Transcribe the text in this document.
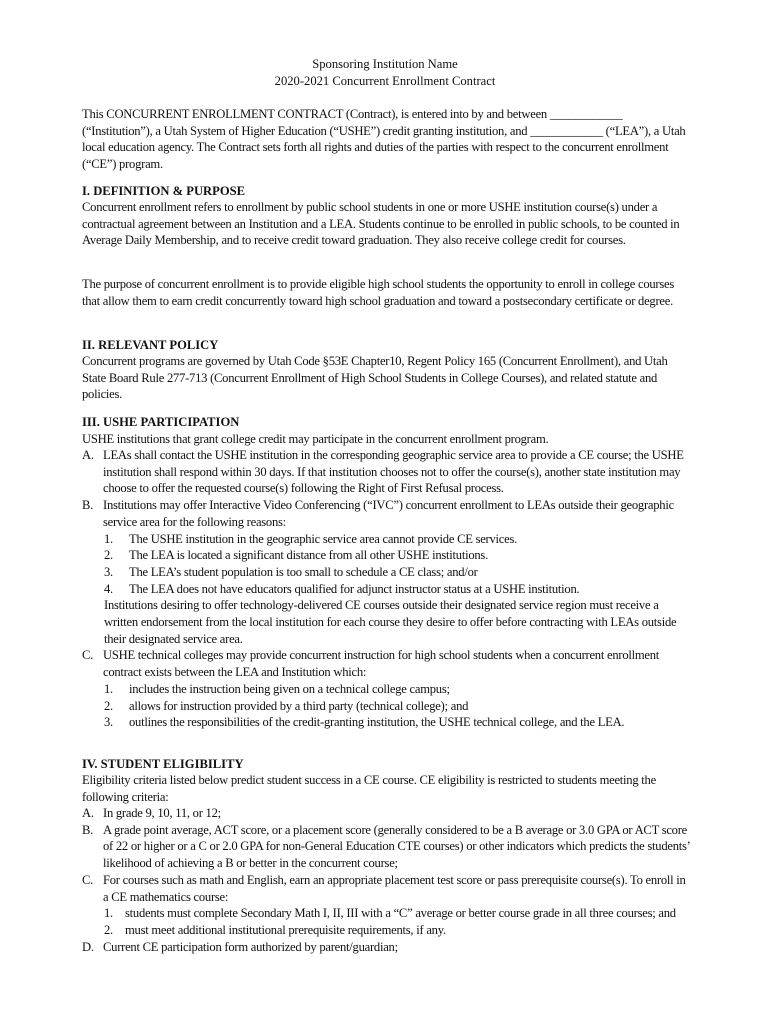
Sponsoring Institution Name
2020-2021 Concurrent Enrollment Contract
This CONCURRENT ENROLLMENT CONTRACT (Contract), is entered into by and between ____________ (“Institution”), a Utah System of Higher Education (“USHE”) credit granting institution, and ____________ (“LEA”), a Utah local education agency. The Contract sets forth all rights and duties of the parties with respect to the concurrent enrollment (“CE”) program.
I. DEFINITION & PURPOSE
Concurrent enrollment refers to enrollment by public school students in one or more USHE institution course(s) under a contractual agreement between an Institution and a LEA. Students continue to be enrolled in public schools, to be counted in Average Daily Membership, and to receive credit toward graduation. They also receive college credit for courses.
The purpose of concurrent enrollment is to provide eligible high school students the opportunity to enroll in college courses that allow them to earn credit concurrently toward high school graduation and toward a postsecondary certificate or degree.
II. RELEVANT POLICY
Concurrent programs are governed by Utah Code §53E Chapter10, Regent Policy 165 (Concurrent Enrollment), and Utah State Board Rule 277-713 (Concurrent Enrollment of High School Students in College Courses), and related statute and policies.
III. USHE PARTICIPATION
USHE institutions that grant college credit may participate in the concurrent enrollment program.
A. LEAs shall contact the USHE institution in the corresponding geographic service area to provide a CE course; the USHE institution shall respond within 30 days. If that institution chooses not to offer the course(s), another state institution may choose to offer the requested course(s) following the Right of First Refusal process.
B. Institutions may offer Interactive Video Conferencing (“IVC”) concurrent enrollment to LEAs outside their geographic service area for the following reasons:
1.	The USHE institution in the geographic service area cannot provide CE services.
2.	The LEA is located a significant distance from all other USHE institutions.
3.	The LEA’s student population is too small to schedule a CE class; and/or
4.	The LEA does not have educators qualified for adjunct instructor status at a USHE institution.
Institutions desiring to offer technology-delivered CE courses outside their designated service region must receive a written endorsement from the local institution for each course they desire to offer before contracting with LEAs outside their designated service area.
C. USHE technical colleges may provide concurrent instruction for high school students when a concurrent enrollment contract exists between the LEA and Institution which:
1.	includes the instruction being given on a technical college campus;
2.	allows for instruction provided by a third party (technical college); and
3.	outlines the responsibilities of the credit-granting institution, the USHE technical college, and the LEA.
IV. STUDENT ELIGIBILITY
Eligibility criteria listed below predict student success in a CE course. CE eligibility is restricted to students meeting the following criteria:
A. In grade 9, 10, 11, or 12;
B. A grade point average, ACT score, or a placement score (generally considered to be a B average or 3.0 GPA or ACT score of 22 or higher or a C or 2.0 GPA for non-General Education CTE courses) or other indicators which predicts the students’ likelihood of achieving a B or better in the concurrent course;
C. For courses such as math and English, earn an appropriate placement test score or pass prerequisite course(s). To enroll in a CE mathematics course:
1. students must complete Secondary Math I, II, III with a “C” average or better course grade in all three courses; and
2. must meet additional institutional prerequisite requirements, if any.
D. Current CE participation form authorized by parent/guardian;
